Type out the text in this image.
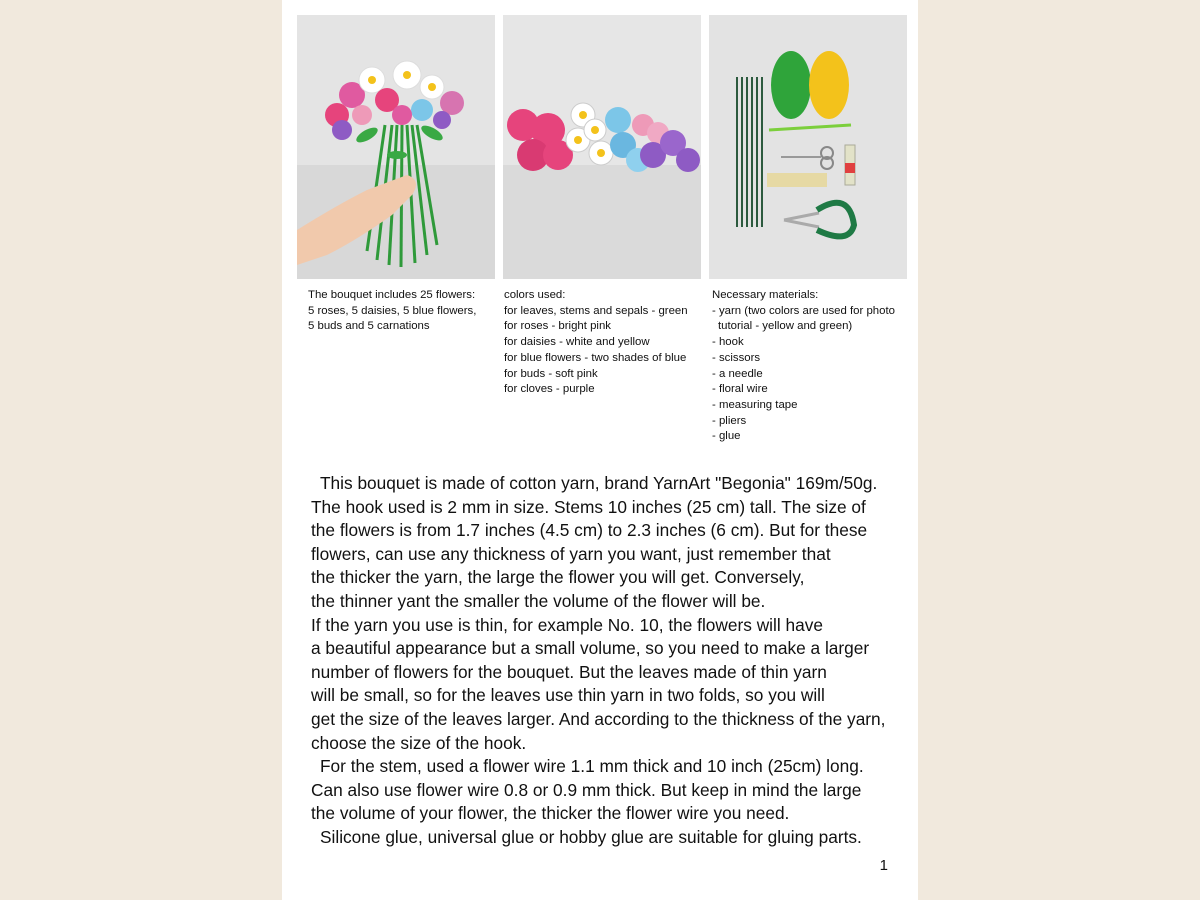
The bouquet includes 25 flowers:
5 roses, 5 daisies, 5 blue flowers,
5 buds and 5 carnations
colors used:
for leaves, stems and sepals - green
for roses - bright pink
for daisies - white and yellow
for blue flowers - two shades of blue
for buds - soft pink
for cloves - purple
Necessary materials:
- yarn (two colors are used for photo
tutorial - yellow and green)
- hook
- scissors
- a needle
- floral wire
- measuring tape
- pliers
- glue
This bouquet is made of cotton yarn, brand YarnArt "Begonia" 169m/50g.
The hook used is 2 mm in size. Stems 10 inches (25 cm) tall. The size of
the flowers is from 1.7 inches (4.5 cm) to 2.3 inches (6 cm). But for these
flowers, can use any thickness of yarn you want, just remember that
the thicker the yarn, the large the flower you will get. Conversely,
the thinner yant the smaller the volume of the flower will be.
If the yarn you use is thin, for example No. 10, the flowers will have
a beautiful appearance but a small volume, so you need to make a larger
number of flowers for the bouquet. But the leaves made of thin yarn
will be small, so for the leaves use thin yarn in two folds, so you will
get the size of the leaves larger. And according to the thickness of the yarn,
choose the size of the hook.
For the stem, used a flower wire 1.1 mm thick and 10 inch (25cm) long.
Can also use flower wire 0.8 or 0.9 mm thick. But keep in mind the large
the volume of your flower, the thicker the flower wire you need.
Silicone glue, universal glue or hobby glue are suitable for gluing parts.
1
